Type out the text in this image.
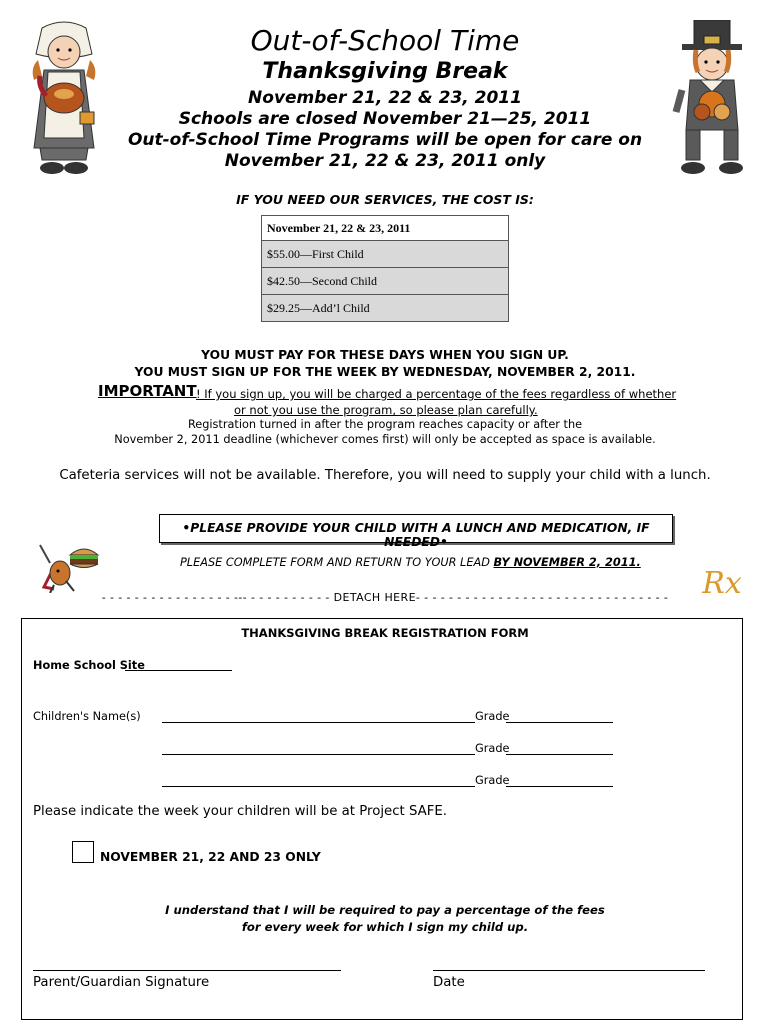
Out-of-School Time
Thanksgiving Break
November 21, 22 & 23, 2011
Schools are closed November 21—25, 2011
Out-of-School Time Programs will be open for care on
November 21, 22 & 23, 2011 only
IF YOU NEED OUR SERVICES, THE COST IS:
November 21, 22 & 23, 2011
$55.00—First Child
$42.50—Second Child
$29.25—Add’l Child
YOU MUST PAY FOR THESE DAYS WHEN YOU SIGN UP.
YOU MUST SIGN UP FOR THE WEEK BY WEDNESDAY, NOVEMBER 2, 2011.
IMPORTANT ! If you sign up, you will be charged a percentage of the fees regardless of whether
or not you use the program, so please plan carefully.
Registration turned in after the program reaches capacity or after the
November 2, 2011 deadline (whichever comes first) will only be accepted as space is available.
Cafeteria services will not be available. Therefore, you will need to supply your child with a lunch.
•PLEASE PROVIDE YOUR CHILD WITH A LUNCH AND MEDICATION, IF NEEDED•
PLEASE COMPLETE FORM AND RETURN TO YOUR LEAD BY NOVEMBER 2, 2011.
Rx
- - - - - - - - - - - - - - - - --- - - - - - - - - - - DETACH HERE- - - - - - - - - - - - - - - - - - - - - - - - - - - - - - -
THANKSGIVING BREAK REGISTRATION FORM
Home School Site
Children's Name(s)	Grade
Grade
Grade
Please indicate the week your children will be at Project SAFE.
NOVEMBER 21, 22 AND 23 ONLY
I understand that I will be required to pay a percentage of the fees
for every week for which I sign my child up.
Parent/Guardian Signature	Date
